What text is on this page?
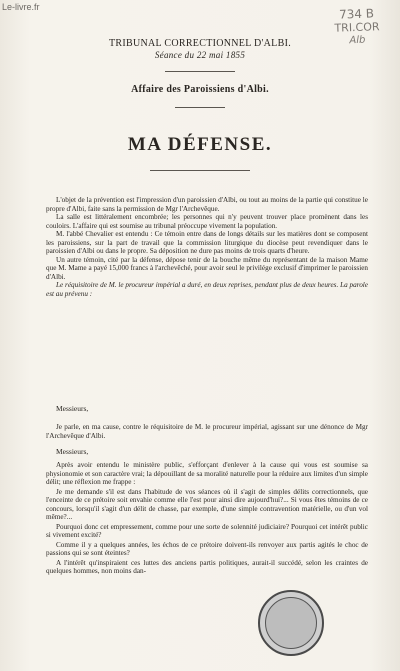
Le-livre.fr	734 B
TRI.COR
Alb
TRIBUNAL CORRECTIONNEL D'ALBI.
Séance du 22 mai 1855
Affaire des Paroissiens d'Albi.
MA DÉFENSE.

L'objet de la prévention est l'impression d'un paroissien d'Albi, ou tout au moins de la partie qui constitue le propre d'Albi, faite sans la permission de Mgr l'Archevêque.

La salle est littéralement encombrée; les personnes qui n'y peuvent trouver place promènent dans les couloirs. L'affaire qui est soumise au tribunal préoccupe vivement la population.

M. l'abbé Chevalier est entendu : Ce témoin entre dans de longs détails sur les matières dont se composent les paroissiens, sur la part de travail que la commission liturgique du diocèse peut revendiquer dans le paroissien d'Albi ou dans le propre. Sa déposition ne dure pas moins de trois quarts d'heure.

Un autre témoin, cité par la défense, dépose tenir de la bouche même du représentant de la maison Mame que M. Mame a payé 15,000 francs à l'archevêché, pour avoir seul le privilége exclusif d'imprimer le paroissien d'Albi.

Le réquisitoire de M. le procureur impérial a duré, en deux reprises, pendant plus de deux heures. La parole est au prévenu :

Messieurs,

Je parle, en ma cause, contre le réquisitoire de M. le procureur impérial, agissant sur une dénonce de Mgr l'Archevêque d'Albi.

Messieurs,

Après avoir entendu le ministère public, s'efforçant d'enlever à la cause qui vous est soumise sa physionomie et son caractère vrai; la dépouillant de sa moralité naturelle pour la réduire aux limites d'un simple délit; une réflexion me frappe :

Je me demande s'il est dans l'habitude de vos séances où il s'agit de simples délits correctionnels, que l'enceinte de ce prétoire soit envahie comme elle l'est pour ainsi dire aujourd'hui?... Si vous êtes témoins de ce concours, lorsqu'il s'agit d'un délit de chasse, par exemple, d'une simple contravention matérielle, ou d'un vol même?...

Pourquoi donc cet empressement, comme pour une sorte de solennité judiciaire? Pourquoi cet intérêt public si vivement excité?

Comme il y a quelques années, les échos de ce prétoire doivent-ils renvoyer aux partis agités le choc de passions qui se sont éteintes?

A l'intérêt qu'inspiraient ces luttes des anciens partis politiques, aurait-il succédé, selon les craintes de quelques hommes, non moins dan-
